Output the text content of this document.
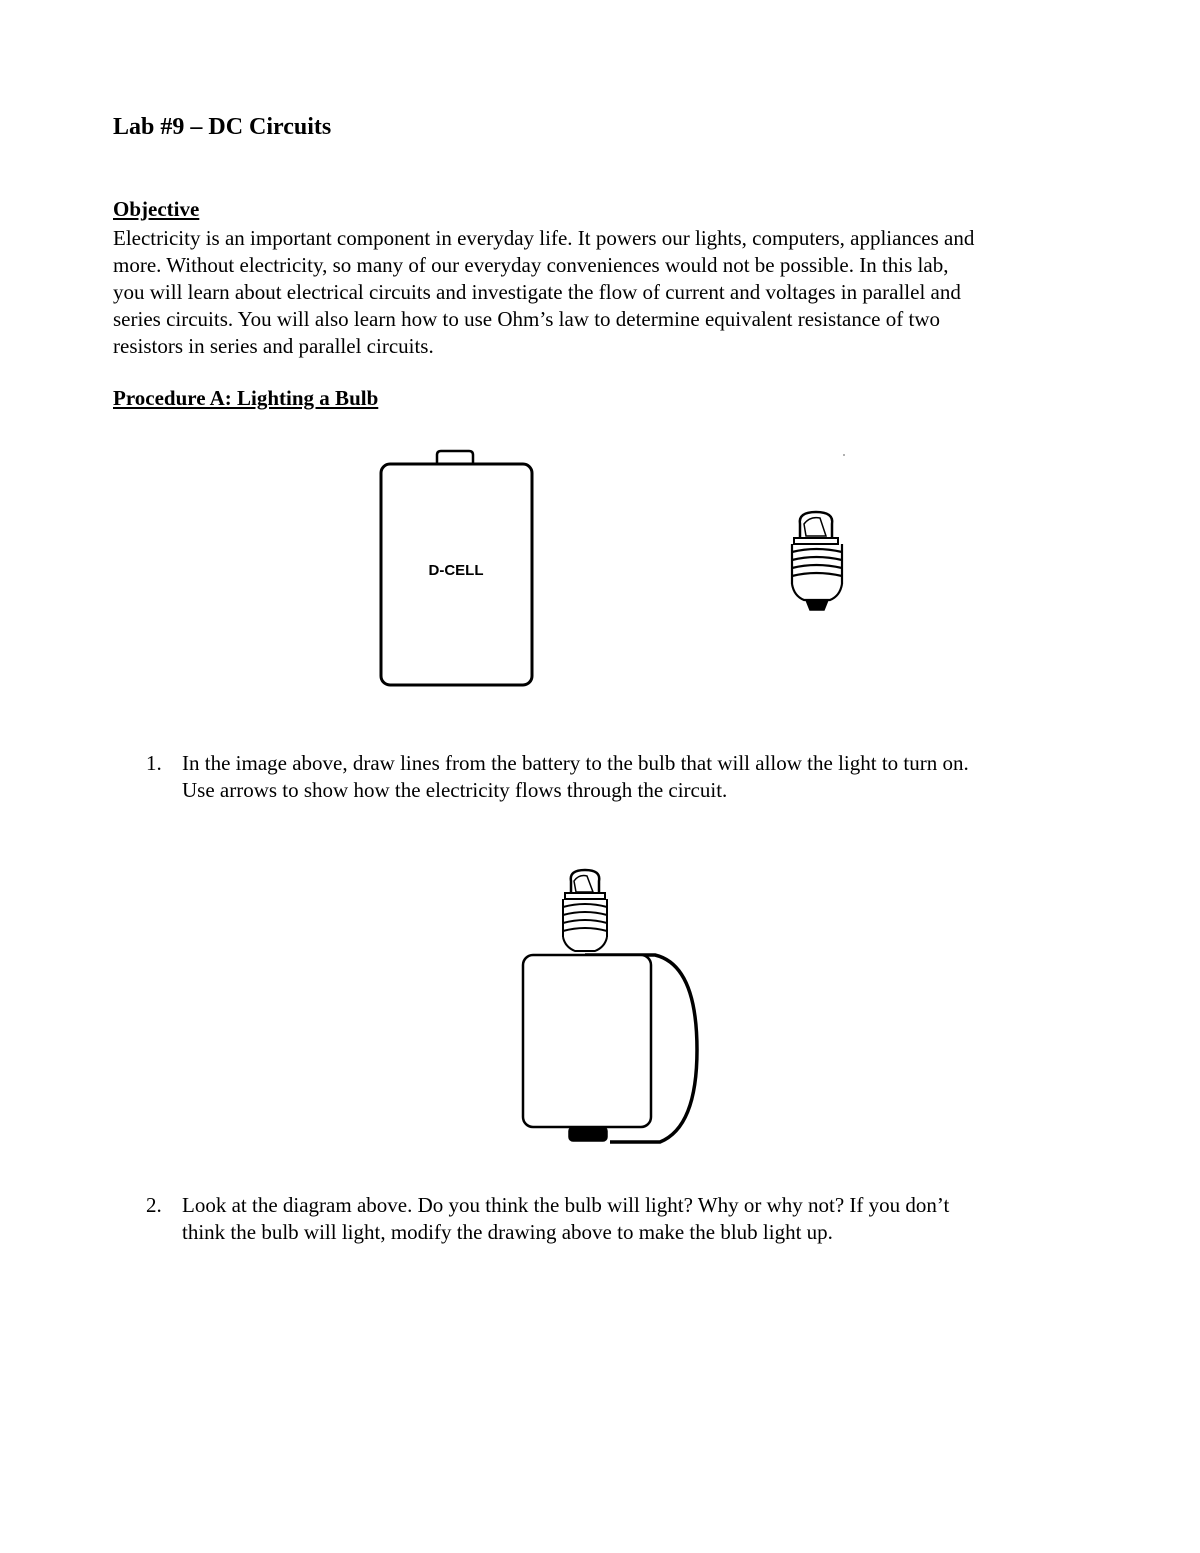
Lab #9 – DC Circuits
Objective
Electricity is an important component in everyday life. It powers our lights, computers, appliances and
more. Without electricity, so many of our everyday conveniences would not be possible. In this lab,
you will learn about electrical circuits and investigate the flow of current and voltages in parallel and
series circuits. You will also learn how to use Ohm’s law to determine equivalent resistance of two
resistors in series and parallel circuits.
Procedure A: Lighting a Bulb
D-CELL
1. In the image above, draw lines from the battery to the bulb that will allow the light to turn on.
Use arrows to show how the electricity flows through the circuit.
2. Look at the diagram above. Do you think the bulb will light? Why or why not? If you don’t
think the bulb will light, modify the drawing above to make the blub light up.
